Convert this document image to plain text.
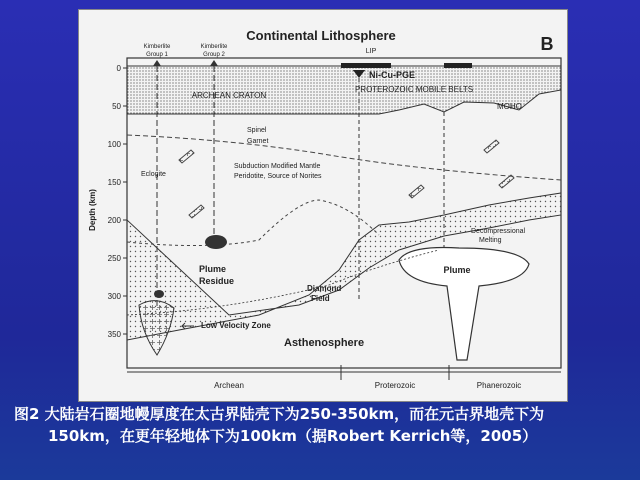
Continental Lithosphere	B
LIP
Ni-Cu-PGE
ARCHEAN CRATON
PROTEROZOIC MOBILE BELTS
MOHO
Kimberlite Group 1
Kimberlite Group 2
Spinel
Garnet
Eclogite
Subduction Modified Mantle
Peridotite, Source of Norites
Plume
Residue
Diamond
Field
Decompressional
Melting
Plume
Low Velocity Zone
Asthenosphere
Archean	Proterozoic	Phanerozoic
Depth (km)
0
50
100
150
200
250
300
350
图2 大陆岩石圈地幔厚度在太古界陆壳下为250-350km，而在元古界地壳下为
150km，在更年轻地体下为100km（据Robert Kerrich等，2005）
